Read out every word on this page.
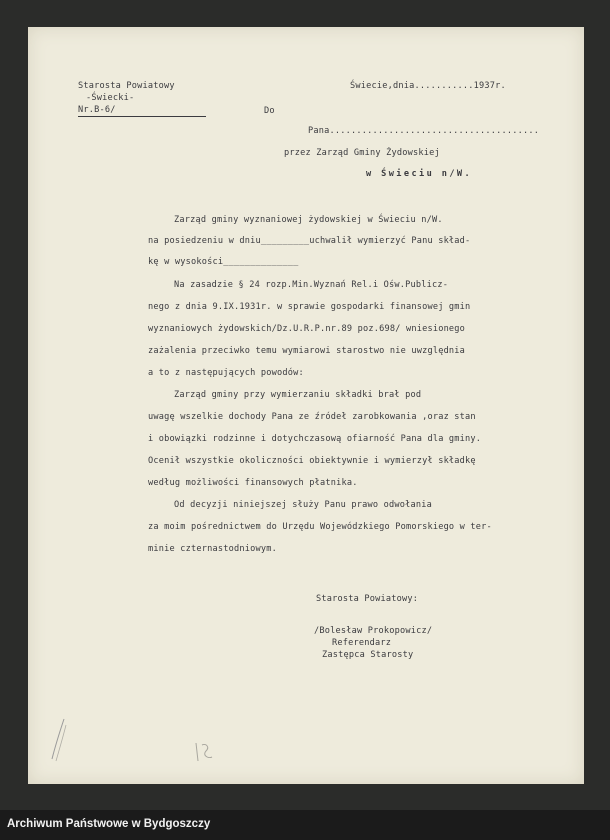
Starosta Powiatowy
-Świecki-
Nr.B-6/
Świecie,dnia...........1937r.
Do
Pana.......................................
przez Zarząd Gminy Żydowskiej
w Świeciu n/W.
Zarząd gminy wyznaniowej żydowskiej w Świeciu n/W.
na posiedzeniu w dniu_________uchwalił wymierzyć Panu skład-
kę w wysokości______________
Na zasadzie § 24 rozp.Min.Wyznań Rel.i Ośw.Publicz-
nego z dnia 9.IX.1931r. w sprawie gospodarki finansowej gmin
wyznaniowych żydowskich/Dz.U.R.P.nr.89 poz.698/ wniesionego
zażalenia przeciwko temu wymiarowi starostwo nie uwzględnia
a to z następujących powodów:
Zarząd gminy przy wymierzaniu składki brał pod
uwagę wszelkie dochody Pana ze źródeł zarobkowania ,oraz stan
i obowiązki rodzinne i dotychczasową ofiarność Pana dla gminy.
Ocenił wszystkie okoliczności obiektywnie i wymierzył składkę
według możliwości finansowych płatnika.
Od decyzji niniejszej służy Panu prawo odwołania
za moim pośrednictwem do Urzędu Wojewódzkiego Pomorskiego w ter-
minie czternastodniowym.
Starosta Powiatowy:
/Bolesław Prokopowicz/
Referendarz
Zastępca Starosty
Archiwum Państwowe w Bydgoszczy
